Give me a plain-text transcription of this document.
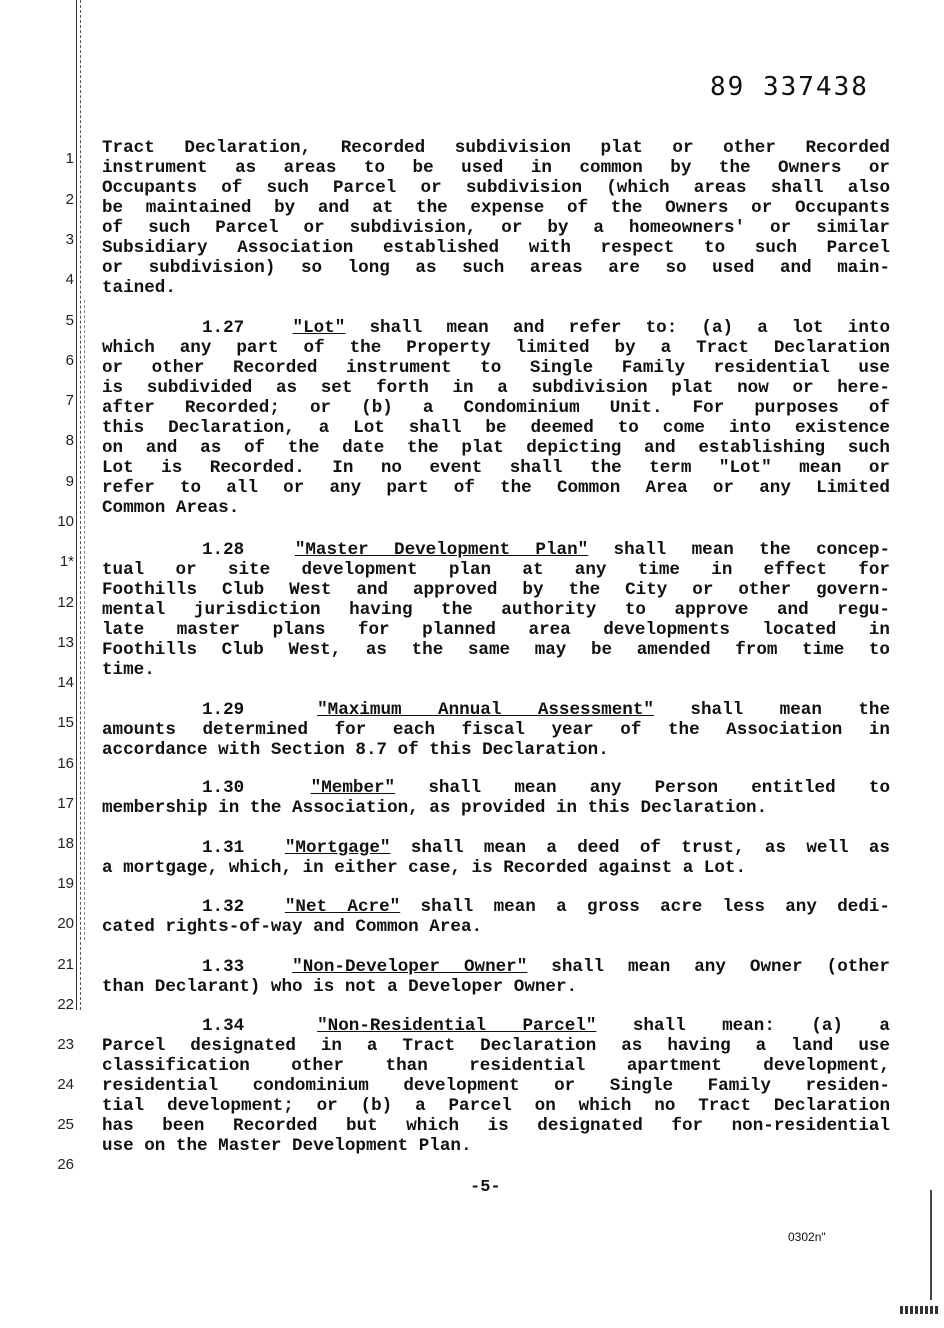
89 337438
1
2
3
4
5
6
7
8
9
10
1*
12
13
14
15
16
17
18
19
20
21
22
23
24
25
26
Tract Declaration, Recorded subdivision plat or other Recorded
instrument as areas to be used in common by the Owners or
Occupants of such Parcel or subdivision (which areas shall also
be maintained by and at the expense of the Owners or Occupants
of such Parcel or subdivision, or by a homeowners' or similar
Subsidiary Association established with respect to such Parcel
or subdivision) so long as such areas are so used and main-
tained.
1.27	"Lot" shall mean and refer to: (a) a lot into
which any part of the Property limited by a Tract Declaration
or other Recorded instrument to Single Family residential use
is subdivided as set forth in a subdivision plat now or here-
after Recorded; or (b) a Condominium Unit. For purposes of
this Declaration, a Lot shall be deemed to come into existence
on and as of the date the plat depicting and establishing such
Lot is Recorded. In no event shall the term "Lot" mean or
refer to all or any part of the Common Area or any Limited
Common Areas.
1.28	"Master Development Plan" shall mean the concep-
tual or site development plan at any time in effect for
Foothills Club West and approved by the City or other govern-
mental jurisdiction having the authority to approve and regu-
late master plans for planned area developments located in
Foothills Club West, as the same may be amended from time to
time.
1.29	"Maximum Annual Assessment" shall mean the
amounts determined for each fiscal year of the Association in
accordance with Section 8.7 of this Declaration.
1.30	"Member" shall mean any Person entitled to
membership in the Association, as provided in this Declaration.
1.31 "Mortgage" shall mean a deed of trust, as well as
a mortgage, which, in either case, is Recorded against a Lot.
1.32 "Net Acre" shall mean a gross acre less any dedi-
cated rights-of-way and Common Area.
1.33	"Non-Developer Owner" shall mean any Owner (other
than Declarant) who is not a Developer Owner.
1.34	"Non-Residential Parcel" shall mean: (a) a
Parcel designated in a Tract Declaration as having a land use
classification other than residential apartment development,
residential condominium development or Single Family residen-
tial development; or (b) a Parcel on which no Tract Declaration
has been Recorded but which is designated for non-residential
use on the Master Development Plan.
-5-
0302n"
